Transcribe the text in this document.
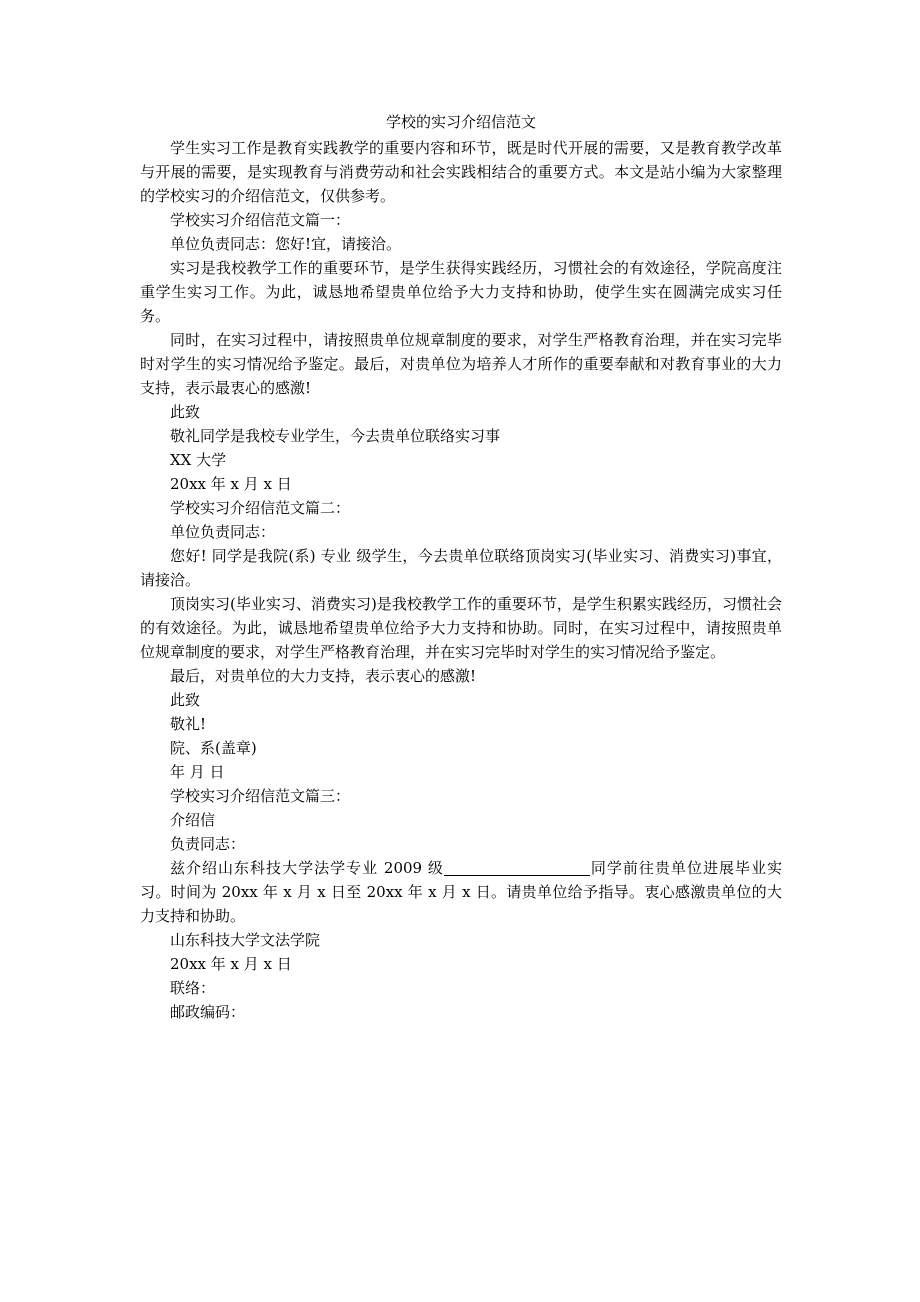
学校的实习介绍信范文

学生实习工作是教育实践教学的重要内容和环节，既是时代开展的需要，又是教育教学改革与开展的需要，是实现教育与消费劳动和社会实践相结合的重要方式。本文是站小编为大家整理的学校实习的介绍信范文，仅供参考。

学校实习介绍信范文篇一：

单位负责同志：您好!宜，请接洽。

实习是我校教学工作的重要环节，是学生获得实践经历，习惯社会的有效途径，学院高度注重学生实习工作。为此，诚恳地希望贵单位给予大力支持和协助，使学生实在圆满完成实习任务。

同时，在实习过程中，请按照贵单位规章制度的要求，对学生严格教育治理，并在实习完毕时对学生的实习情况给予鉴定。最后，对贵单位为培养人才所作的重要奉献和对教育事业的大力支持，表示最衷心的感激!

此致

敬礼同学是我校专业学生，今去贵单位联络实习事

XX 大学

20xx 年 x 月 x 日

学校实习介绍信范文篇二：

单位负责同志：

您好! 同学是我院(系) 专业 级学生，今去贵单位联络顶岗实习(毕业实习、消费实习)事宜，请接洽。

顶岗实习(毕业实习、消费实习)是我校教学工作的重要环节，是学生积累实践经历，习惯社会的有效途径。为此，诚恳地希望贵单位给予大力支持和协助。同时，在实习过程中，请按照贵单位规章制度的要求，对学生严格教育治理，并在实习完毕时对学生的实习情况给予鉴定。

最后，对贵单位的大力支持，表示衷心的感激!

此致

敬礼!

院、系(盖章)

年 月 日

学校实习介绍信范文篇三：

介绍信

负责同志：

兹介绍山东科技大学法学专业 2009 级	同学前往贵单位进展毕业实习。时间为 20xx 年 x 月 x 日至 20xx 年 x 月 x 日。请贵单位给予指导。衷心感激贵单位的大力支持和协助。

山东科技大学文法学院

20xx 年 x 月 x 日

联络：

邮政编码：
